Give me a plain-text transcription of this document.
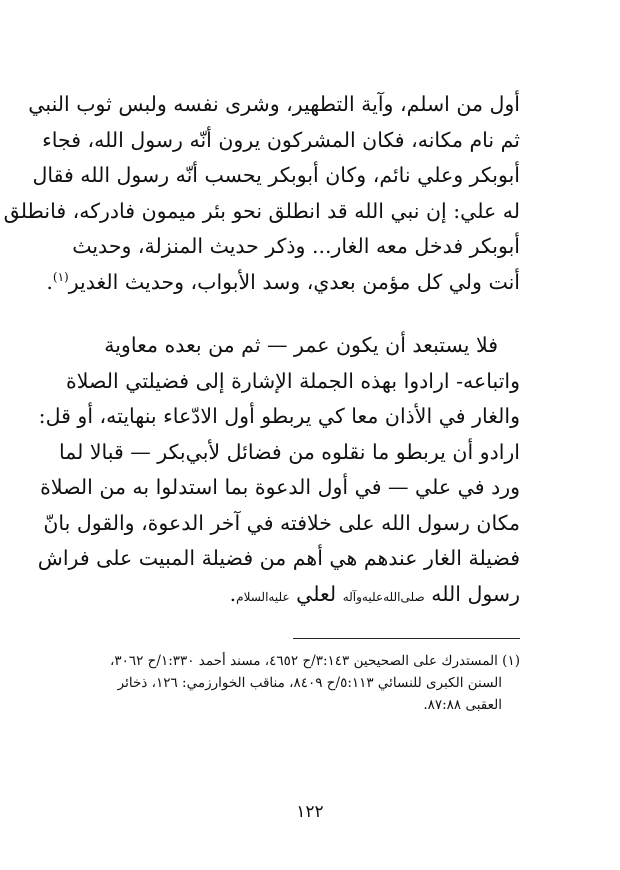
أول من اسلم، وآية التطهير، وشرى نفسه ولبس ثوب النبي
ثم نام مكانه، فكان المشركون يرون أنّه رسول الله، فجاء
أبوبكر وعلي نائم، وكان أبوبكر يحسب أنّه رسول الله فقال
له علي: إن نبي الله قد انطلق نحو بئر ميمون فادركه، فانطلق
أبوبكر فدخل معه الغار... وذكر حديث المنزلة، وحديث
أنت ولي كل مؤمن بعدي، وسد الأبواب، وحديث الغدير$^{(١)}$.
فلا يستبعد أن يكون عمر — ثم من بعده معاوية
واتباعه- ارادوا بهذه الجملة الإشارة إلى فضيلتي الصلاة
والغار في الأذان معا كي يربطو أول الادّعاء بنهايته، أو قل:
ارادو أن يربطو ما نقلوه من فضائل لأبي‌بكر — قبالا لما
ورد في علي — في أول الدعوة بما استدلوا به من الصلاة
مكان رسول الله على خلافته في آخر الدعوة، والقول بانّ
فضيلة الغار عندهم هي أهم من فضيلة المبيت على فراش
رسول الله صلى‌الله‌عليه‌وآله لعلي عليه‌السلام.
(١) المستدرك على الصحيحين ٣:١٤٣/ح ٤٦٥٢، مسند أحمد ١:٣٣٠/ح ٣٠٦٢،
السنن الكبرى للنسائي ٥:١١٣/ح ٨٤٠٩، مناقب الخوارزمي: ١٢٦، ذخائر
العقبى ٨٧:٨٨.
١٢٢
